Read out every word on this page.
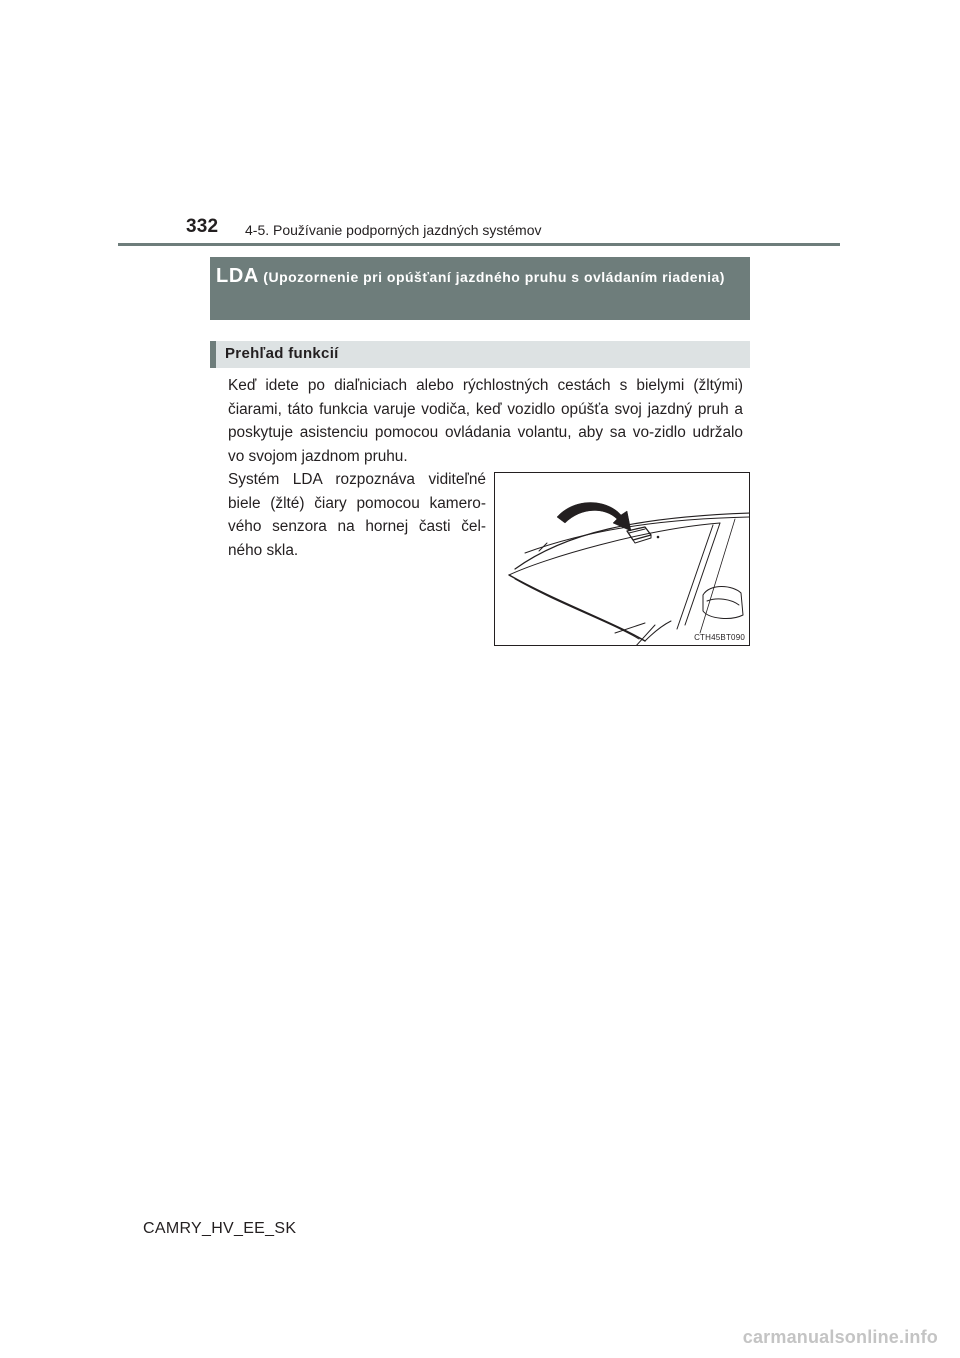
332 4-5. Používanie podporných jazdných systémov
LDA (Upozornenie pri opúšťaní jazdného pruhu s ovládaním riadenia)
Prehľad funkcií

Keď idete po diaľniciach alebo rýchlostných cestách s bielymi (žltými) čiarami, táto funkcia varuje vodiča, keď vozidlo opúšťa svoj jazdný pruh a poskytuje asistenciu pomocou ovládania volantu, aby sa vo-zidlo udržalo vo svojom jazdnom pruhu.

Systém LDA rozpoznáva viditeľné biele (žlté) čiary pomocou kamero-vého senzora na hornej časti čel-ného skla.

CTH45BT090
CAMRY_HV_EE_SK
carmanualsonline.info
